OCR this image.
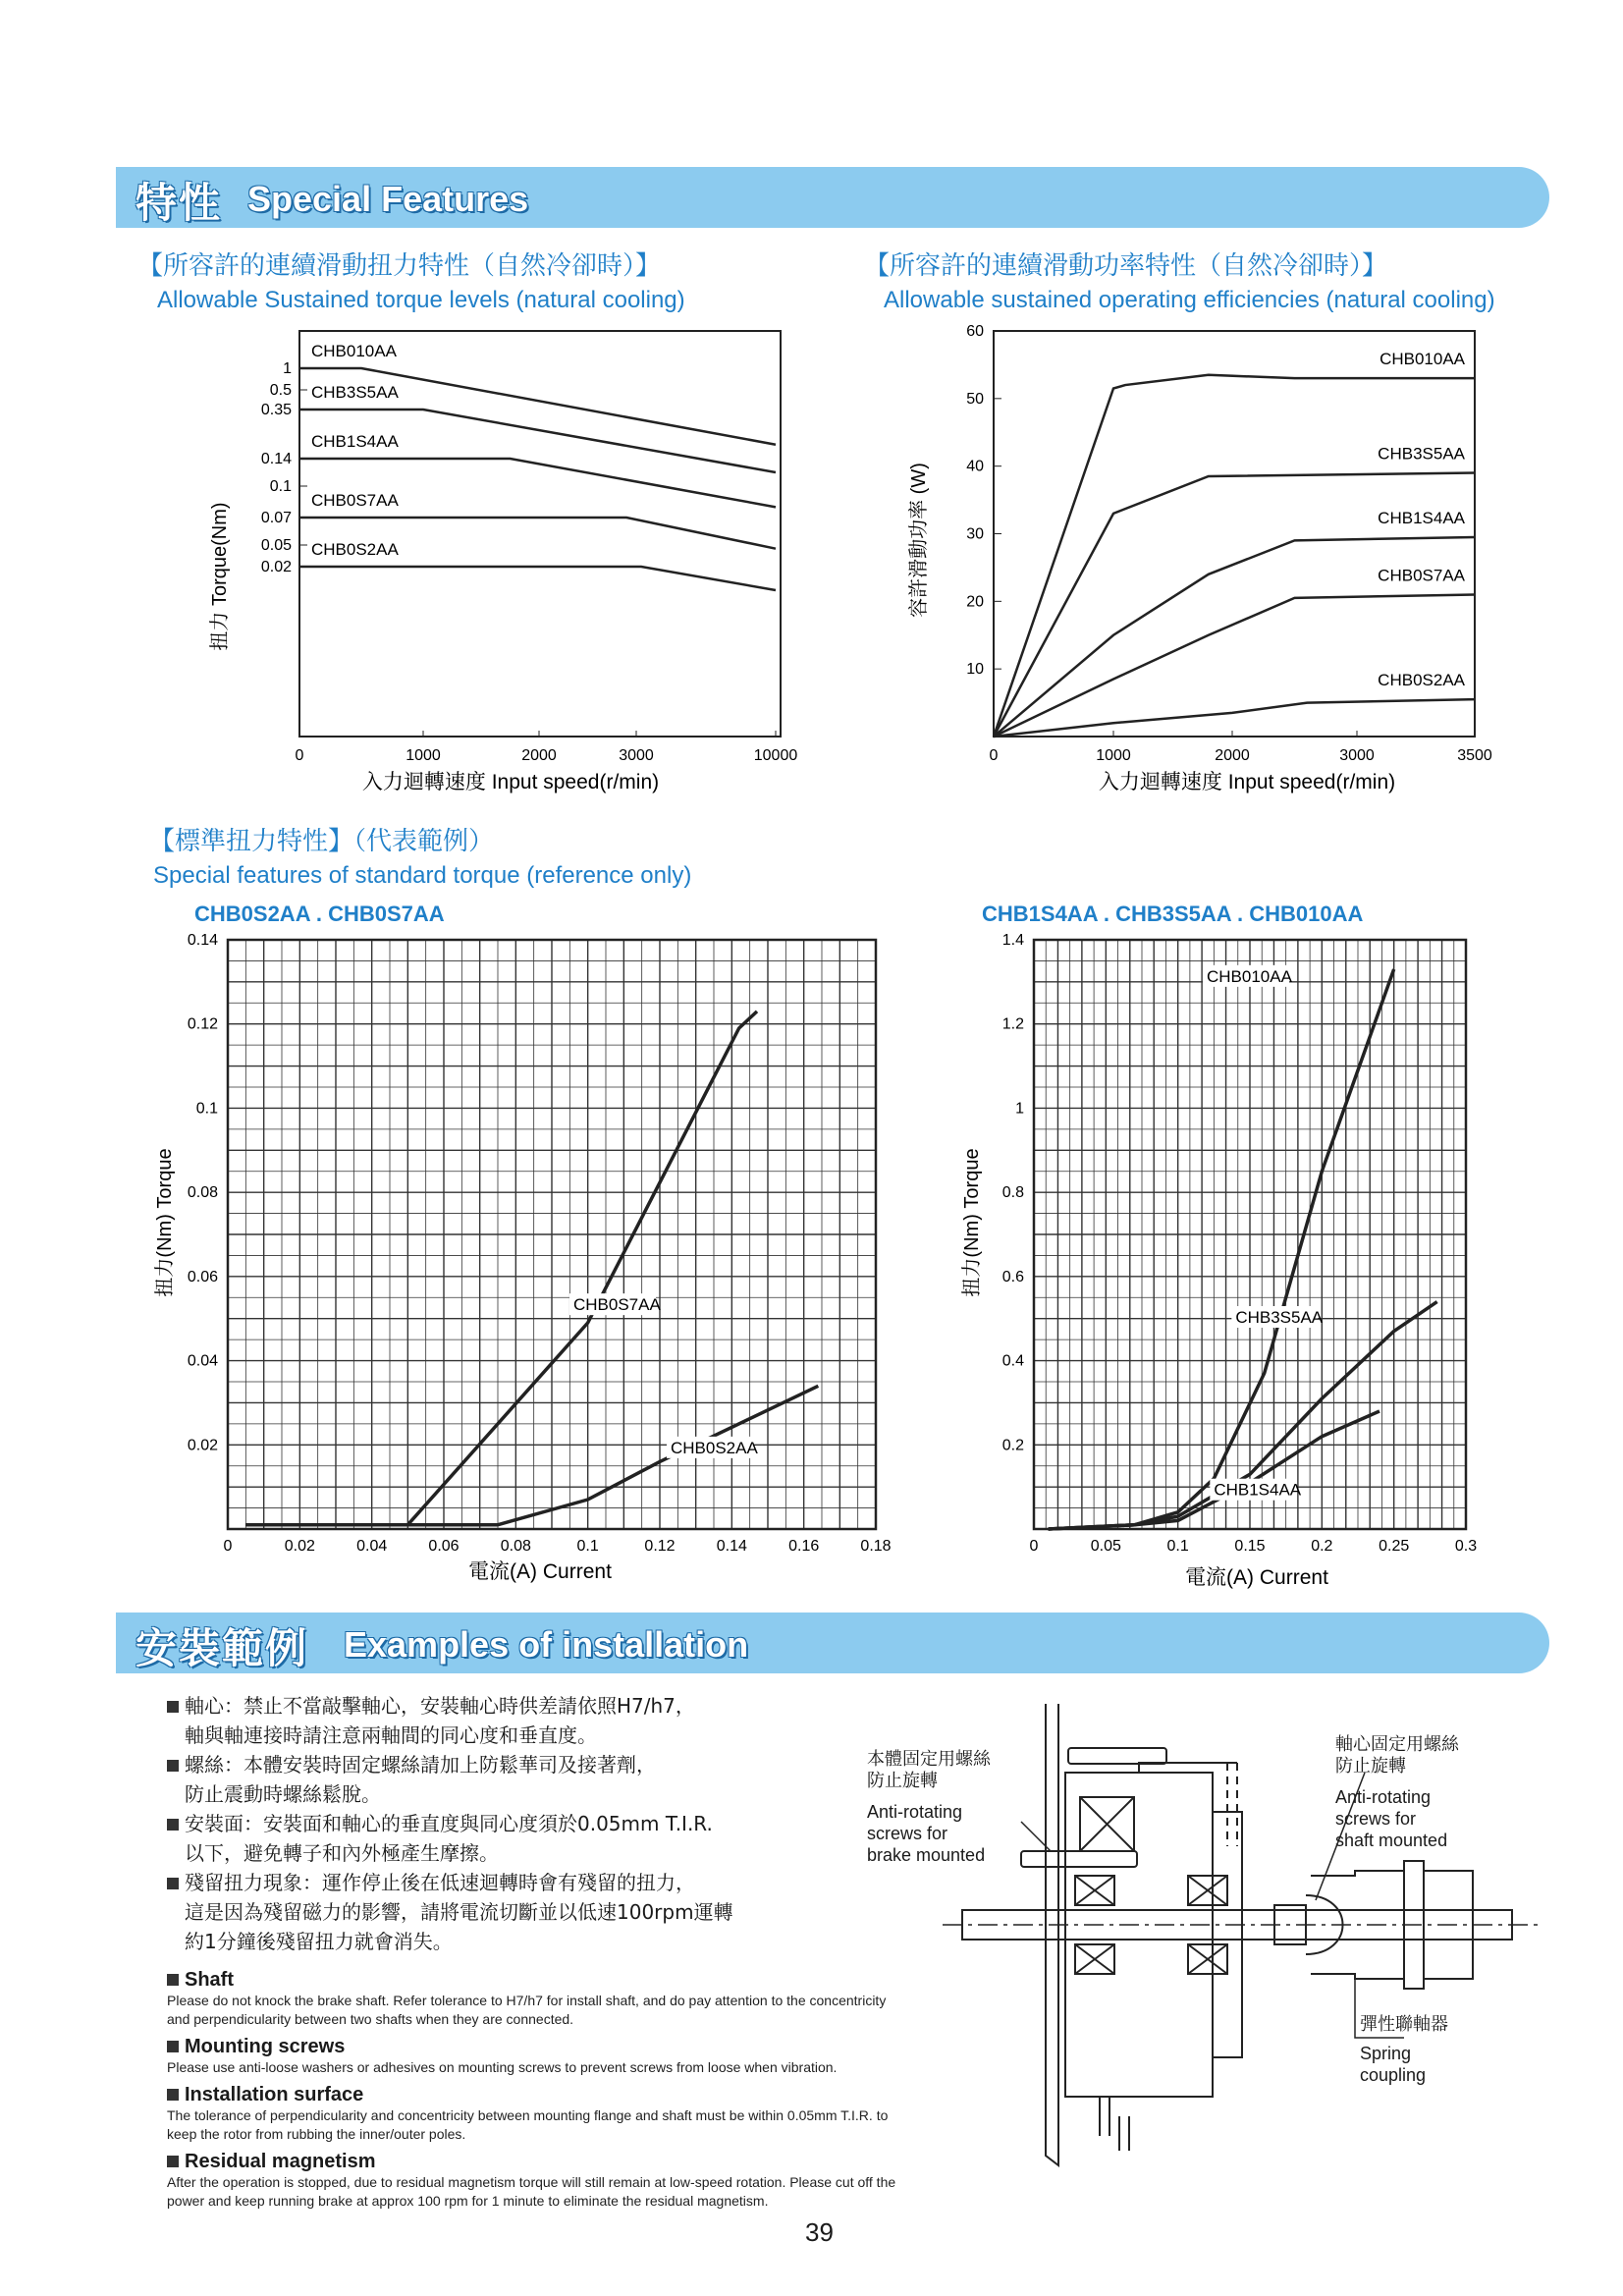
特性 Special Features
【所容許的連續滑動扭力特性（自然冷卻時）】
Allowable Sustained torque levels (natural cooling)
【所容許的連續滑動功率特性（自然冷卻時）】
Allowable sustained operating efficiencies (natural cooling)
扭力 Torque(Nm)
入力迴轉速度 Input speed(r/min)
0	1000	2000	3000	10000
1
0.5
0.35
0.14
0.1
0.07
0.05
0.02
CHB010AA
CHB3S5AA
CHB1S4AA
CHB0S7AA
CHB0S2AA	容許滑動功率 (W)
入力迴轉速度 Input speed(r/min)
0	1000	2000	3000	3500
60
50
40
30
20
10
CHB010AA
CHB3S5AA
CHB1S4AA
CHB0S7AA
CHB0S2AA
【標準扭力特性】（代表範例）
Special features of standard torque (reference only)
CHB0S2AA . CHB0S7AA	CHB1S4AA . CHB3S5AA . CHB010AA
扭力(Nm) Torque
電流(A) Current
0	0.02	0.04	0.06	0.08	0.1	0.12	0.14	0.16	0.18
0.14
0.12
0.1
0.08
0.06
0.04
0.02
CHB0S7AA
CHB0S2AA
扭力(Nm) Torque
電流(A) Current
0	0.05	0.1	0.15	0.2	0.25	0.3
1.4
1.2
1
0.8
0.6
0.4
0.2
CHB010AA
CHB3S5AA
CHB1S4AA
安裝範例 Examples of installation
軸心：禁止不當敲擊軸心，安裝軸心時供差請依照H7/h7，
軸與軸連接時請注意兩軸間的同心度和垂直度。
螺絲：本體安裝時固定螺絲請加上防鬆華司及接著劑，
防止震動時螺絲鬆脫。
安裝面：安裝面和軸心的垂直度與同心度須於0.05mm T.I.R.
以下，避免轉子和內外極產生摩擦。
殘留扭力現象：運作停止後在低速迴轉時會有殘留的扭力，
這是因為殘留磁力的影響，請將電流切斷並以低速100rpm運轉
約1分鐘後殘留扭力就會消失。
Shaft

Please do not knock the brake shaft. Refer tolerance to H7/h7 for install shaft, and do pay attention to the concentricity and perpendicularity between two shafts when they are connected.

Mounting screws

Please use anti-loose washers or adhesives on mounting screws to prevent screws from loose when vibration.

Installation surface

The tolerance of perpendicularity and concentricity between mounting flange and shaft must be within 0.05mm T.I.R. to keep the rotor from rubbing the inner/outer poles.

Residual magnetism

After the operation is stopped, due to residual magnetism torque will still remain at low-speed rotation. Please cut off the power and keep running brake at approx 100 rpm for 1 minute to eliminate the residual magnetism.

本體固定用螺絲
防止旋轉
Anti-rotating
screws for
brake mounted
軸心固定用螺絲
防止旋轉
Anti-rotating
screws for
shaft mounted
彈性聯軸器
Spring
coupling
39
